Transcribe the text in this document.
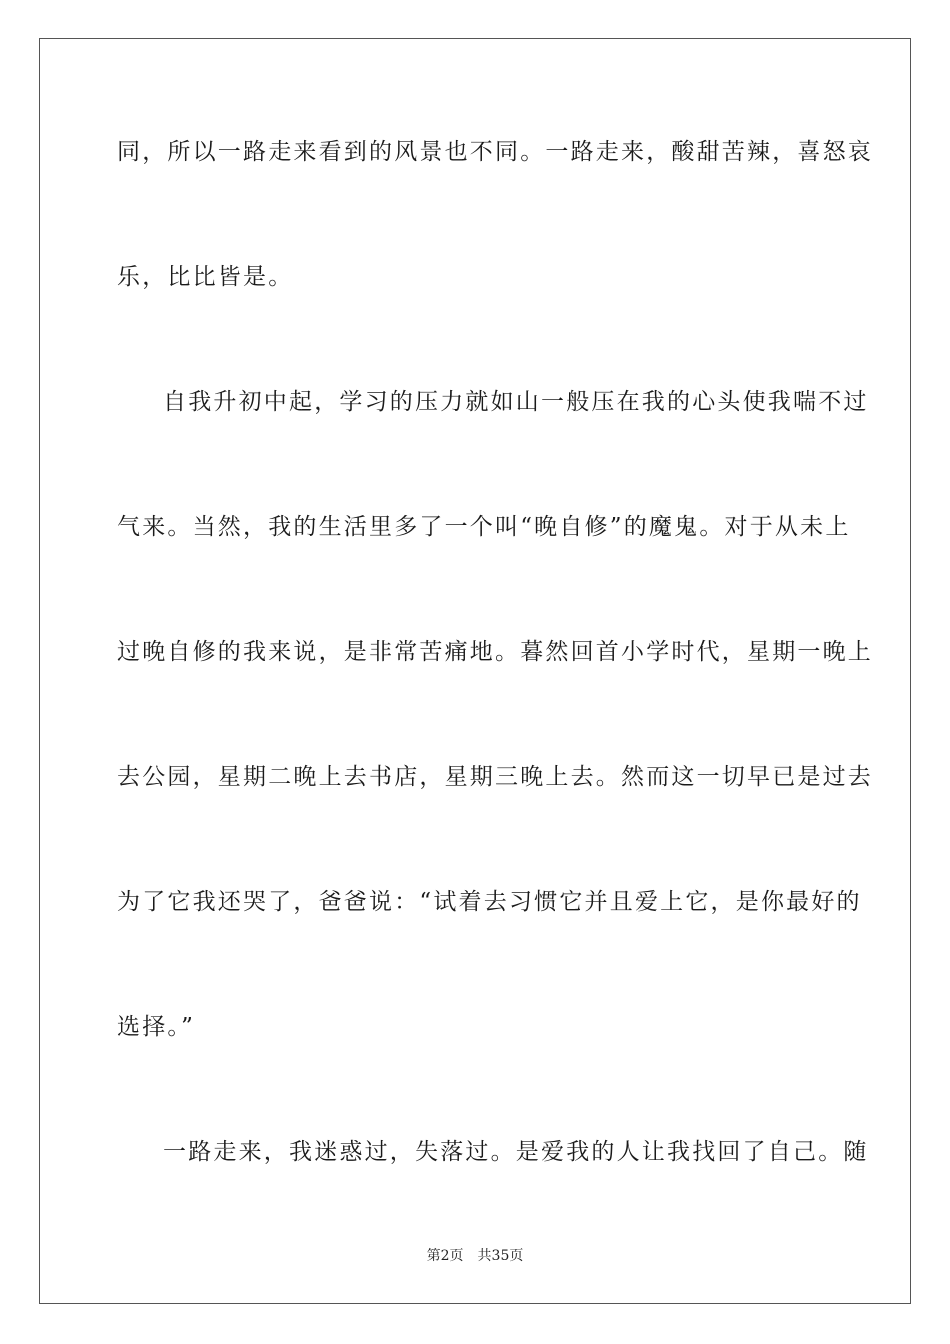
同，所以一路走来看到的风景也不同。一路走来，酸甜苦辣，喜怒哀
乐，比比皆是。
自我升初中起，学习的压力就如山一般压在我的心头使我喘不过
气来。当然，我的生活里多了一个叫“晚自修”的魔鬼。对于从未上
过晚自修的我来说，是非常苦痛地。暮然回首小学时代，星期一晚上
去公园，星期二晚上去书店，星期三晚上去。然而这一切早已是过去
为了它我还哭了，爸爸说：“试着去习惯它并且爱上它，是你最好的
选择。”
一路走来，我迷惑过，失落过。是爱我的人让我找回了自己。随
第2页 共35页
